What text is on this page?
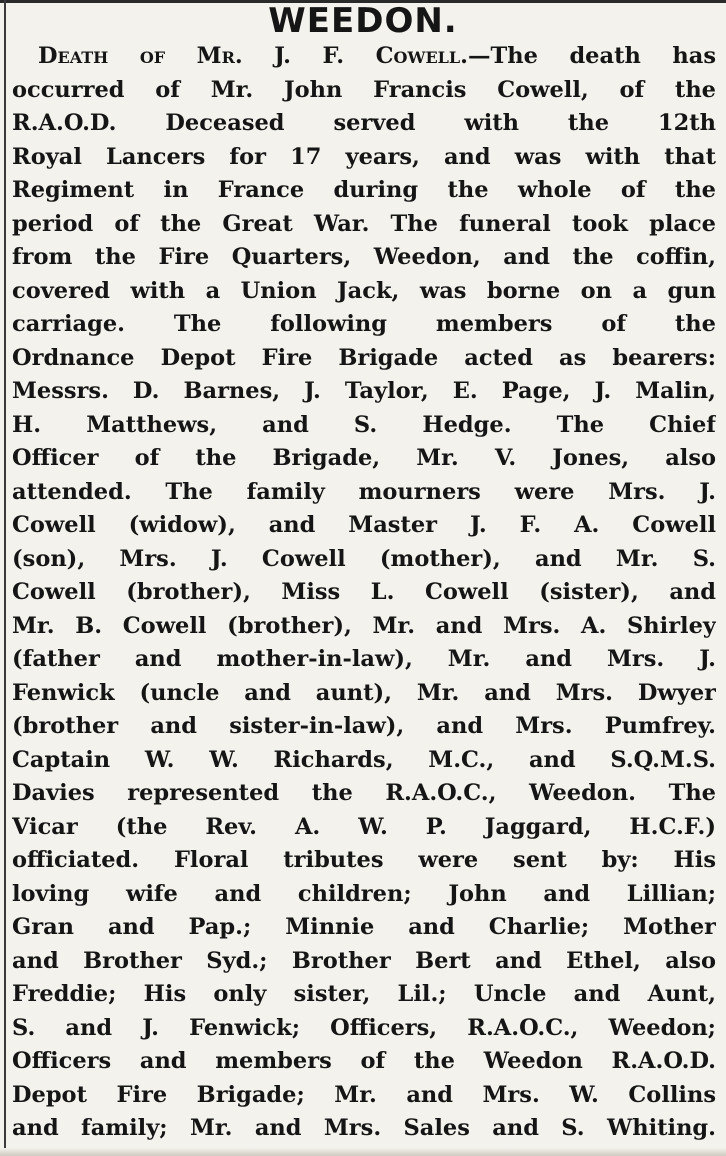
WEEDON.
Death of Mr. J. F. Cowell.—The death has
occurred of Mr. John Francis Cowell, of the
R.A.O.D. Deceased served with the 12th
Royal Lancers for 17 years, and was with that
Regiment in France during the whole of the
period of the Great War. The funeral took place
from the Fire Quarters, Weedon, and the coffin,
covered with a Union Jack, was borne on a gun
carriage. The following members of the
Ordnance Depot Fire Brigade acted as bearers:
Messrs. D. Barnes, J. Taylor, E. Page, J. Malin,
H. Matthews, and S. Hedge. The Chief
Officer of the Brigade, Mr. V. Jones, also
attended. The family mourners were Mrs. J.
Cowell (widow), and Master J. F. A. Cowell
(son), Mrs. J. Cowell (mother), and Mr. S.
Cowell (brother), Miss L. Cowell (sister), and
Mr. B. Cowell (brother), Mr. and Mrs. A. Shirley
(father and mother-in-law), Mr. and Mrs. J.
Fenwick (uncle and aunt), Mr. and Mrs. Dwyer
(brother and sister-in-law), and Mrs. Pumfrey.
Captain W. W. Richards, M.C., and S.Q.M.S.
Davies represented the R.A.O.C., Weedon. The
Vicar (the Rev. A. W. P. Jaggard, H.C.F.)
officiated. Floral tributes were sent by: His
loving wife and children; John and Lillian;
Gran and Pap.; Minnie and Charlie; Mother
and Brother Syd.; Brother Bert and Ethel, also
Freddie; His only sister, Lil.; Uncle and Aunt,
S. and J. Fenwick; Officers, R.A.O.C., Weedon;
Officers and members of the Weedon R.A.O.D.
Depot Fire Brigade; Mr. and Mrs. W. Collins
and family; Mr. and Mrs. Sales and S. Whiting.
